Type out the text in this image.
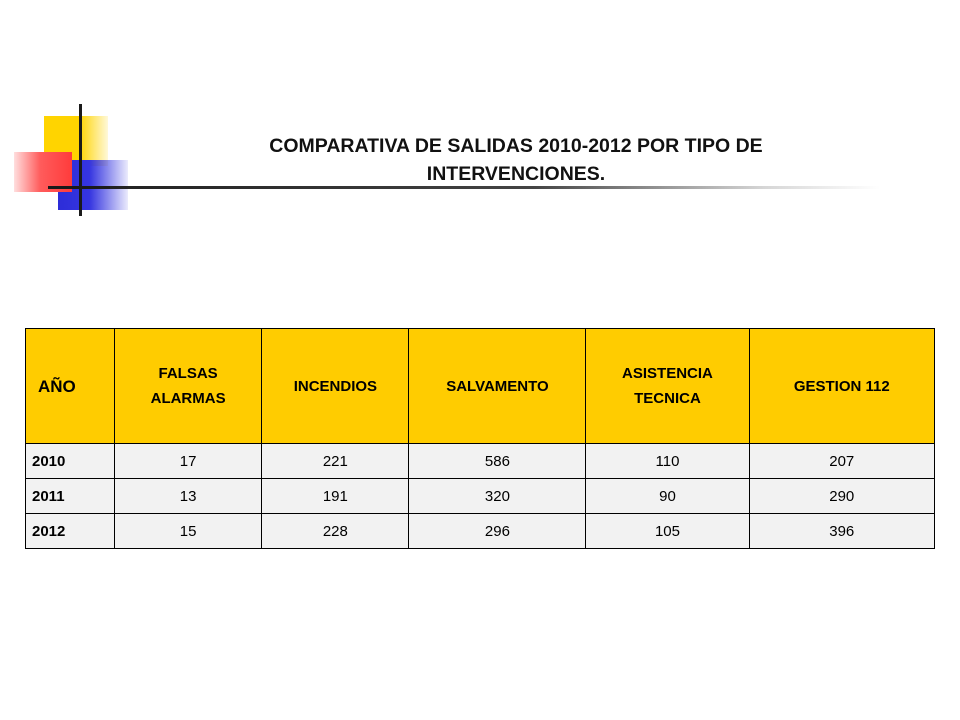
COMPARATIVA DE SALIDAS 2010-2012 POR TIPO DE
INTERVENCIONES.
AÑO	FALSAS ALARMAS	INCENDIOS	SALVAMENTO	ASISTENCIA TECNICA	GESTION 112
2010	17	221	586	110	207
2011	13	191	320	90	290
2012	15	228	296	105	396
